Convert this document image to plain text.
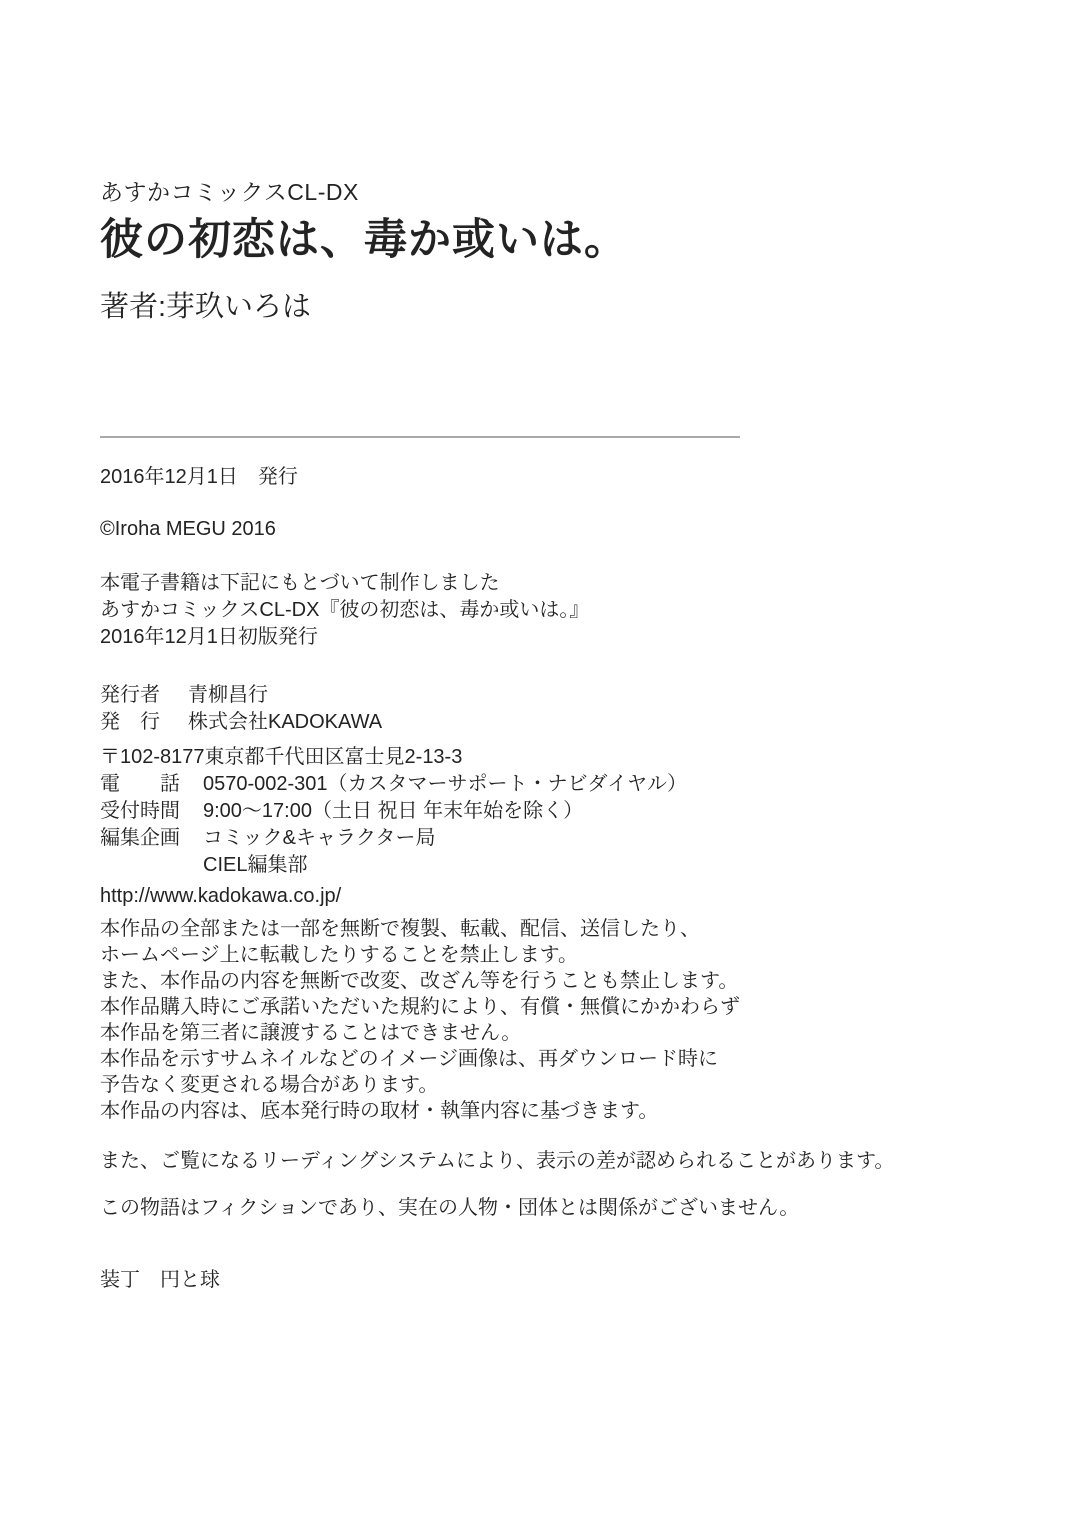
あすかコミックスCL-DX
彼の初恋は、毒か或いは。
著者:芽玖いろは
2016年12月1日　発行
©Iroha MEGU 2016
本電子書籍は下記にもとづいて制作しました
あすかコミックスCL-DX『彼の初恋は、毒か或いは。』
2016年12月1日初版発行
発行者	青柳昌行
発　行	株式会社KADOKAWA
〒102-8177 東京都千代田区富士見2-13-3
電　　話	0570-002-301（カスタマーサポート・ナビダイヤル）
受付時間	9:00〜17:00（土日 祝日 年末年始を除く）
編集企画	コミック&キャラクター局
CIEL編集部
http://www.kadokawa.co.jp/
本作品の全部または一部を無断で複製、転載、配信、送信したり、
ホームページ上に転載したりすることを禁止します。
また、本作品の内容を無断で改変、改ざん等を行うことも禁止します。
本作品購入時にご承諾いただいた規約により、有償・無償にかかわらず
本作品を第三者に譲渡することはできません。
本作品を示すサムネイルなどのイメージ画像は、再ダウンロード時に
予告なく変更される場合があります。
本作品の内容は、底本発行時の取材・執筆内容に基づきます。
また、ご覧になるリーディングシステムにより、表示の差が認められることがあります。
この物語はフィクションであり、実在の人物・団体とは関係がございません。
装丁　円と球
